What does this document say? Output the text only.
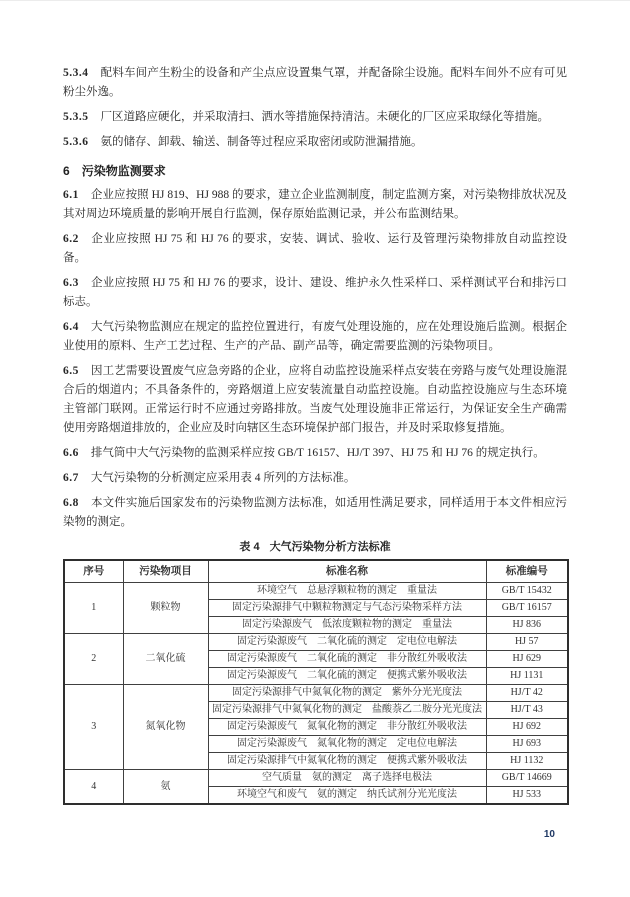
5.3.4 配料车间产生粉尘的设备和产尘点应设置集气罩，并配备除尘设施。配料车间外不应有可见粉尘外逸。

5.3.5 厂区道路应硬化，并采取清扫、洒水等措施保持清洁。未硬化的厂区应采取绿化等措施。

5.3.6 氨的储存、卸载、输送、制备等过程应采取密闭或防泄漏措施。

6 污染物监测要求

6.1 企业应按照 HJ 819、HJ 988 的要求，建立企业监测制度，制定监测方案，对污染物排放状况及其对周边环境质量的影响开展自行监测，保存原始监测记录，并公布监测结果。

6.2 企业应按照 HJ 75 和 HJ 76 的要求，安装、调试、验收、运行及管理污染物排放自动监控设备。

6.3 企业应按照 HJ 75 和 HJ 76 的要求，设计、建设、维护永久性采样口、采样测试平台和排污口标志。

6.4 大气污染物监测应在规定的监控位置进行，有废气处理设施的，应在处理设施后监测。根据企业使用的原料、生产工艺过程、生产的产品、副产品等，确定需要监测的污染物项目。

6.5 因工艺需要设置废气应急旁路的企业，应将自动监控设施采样点安装在旁路与废气处理设施混合后的烟道内；不具备条件的，旁路烟道上应安装流量自动监控设施。自动监控设施应与生态环境主管部门联网。正常运行时不应通过旁路排放。当废气处理设施非正常运行，为保证安全生产确需使用旁路烟道排放的，企业应及时向辖区生态环境保护部门报告，并及时采取修复措施。

6.6 排气筒中大气污染物的监测采样应按 GB/T 16157、HJ/T 397、HJ 75 和 HJ 76 的规定执行。

6.7 大气污染物的分析测定应采用表 4 所列的方法标准。

6.8 本文件实施后国家发布的污染物监测方法标准，如适用性满足要求，同样适用于本文件相应污染物的测定。

表 4 大气污染物分析方法标准
序号	污染物项目	标准名称	标准编号
1	颗粒物	环境空气　总悬浮颗粒物的测定　重量法	GB/T 15432
		固定污染源排气中颗粒物测定与气态污染物采样方法	GB/T 16157
		固定污染源废气　低浓度颗粒物的测定　重量法	HJ 836
2	二氧化硫	固定污染源废气　二氧化硫的测定　定电位电解法	HJ 57
		固定污染源废气　二氧化硫的测定　非分散红外吸收法	HJ 629
		固定污染源废气　二氧化硫的测定　便携式紫外吸收法	HJ 1131
3	氮氧化物	固定污染源排气中氮氧化物的测定　紫外分光光度法	HJ/T 42
		固定污染源排气中氮氧化物的测定　盐酸萘乙二胺分光光度法	HJ/T 43
		固定污染源废气　氮氧化物的测定　非分散红外吸收法	HJ 692
		固定污染源废气　氮氧化物的测定　定电位电解法	HJ 693
		固定污染源排气中氮氧化物的测定　便携式紫外吸收法	HJ 1132
4	氨	空气质量　氨的测定　离子选择电极法	GB/T 14669
		环境空气和废气　氨的测定　纳氏试剂分光光度法	HJ 533
10
